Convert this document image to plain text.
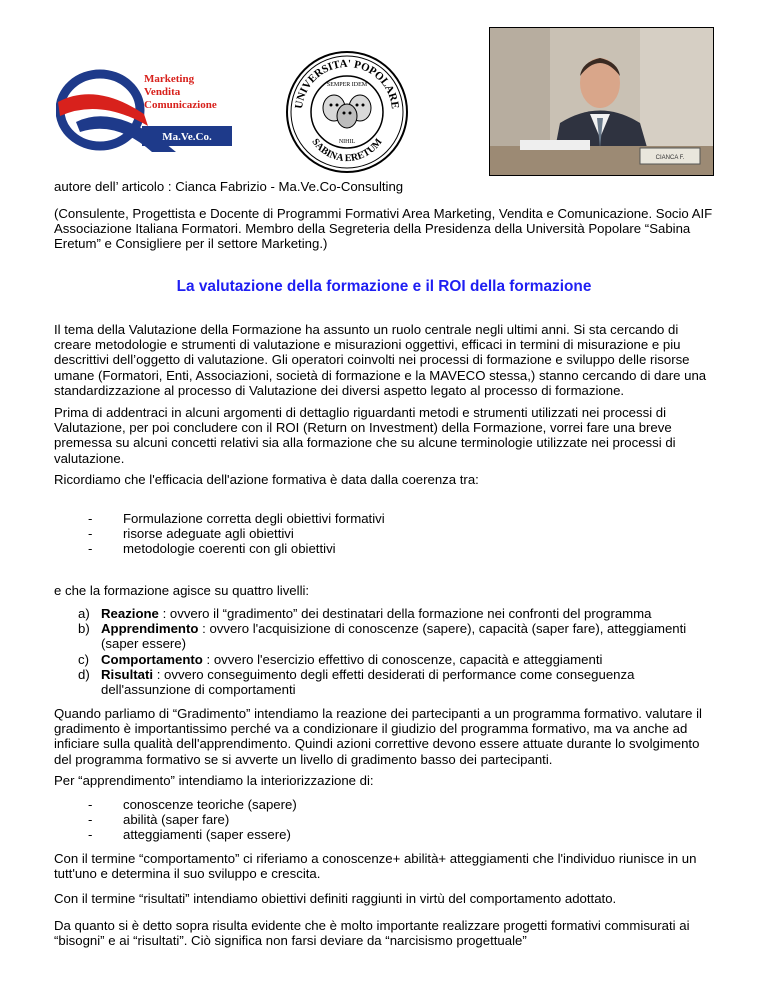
Marketing
Vendita
Comunicazione
Ma.Ve.Co.
UNIVERSITA' POPOLARE
SABINA ERETUM
SEMPER IDEM
NIHIL
CIANCA F.

autore dell’ articolo : Cianca Fabrizio - Ma.Ve.Co-Consulting

(Consulente, Progettista e Docente di Programmi Formativi Area Marketing, Vendita e Comunicazione. Socio AIF Associazione Italiana Formatori. Membro della Segreteria della Presidenza della Università Popolare “Sabina Eretum” e Consigliere per il settore Marketing.)

La valutazione della formazione e il ROI della formazione

Il tema della Valutazione della Formazione ha assunto un ruolo centrale negli ultimi anni. Si sta cercando di creare metodologie e strumenti di valutazione e misurazioni oggettivi, efficaci in termini di misurazione e piu descrittivi dell’oggetto di valutazione. Gli operatori coinvolti nei processi di formazione e sviluppo delle risorse umane (Formatori, Enti, Associazioni, società di formazione e la MAVECO stessa,) stanno cercando di dare una standardizzazione al processo di Valutazione dei diversi aspetto legato al processo di formazione.

Prima di addentraci in alcuni argomenti di dettaglio riguardanti metodi e strumenti utilizzati nei processi di Valutazione, per poi concludere con il ROI (Return on Investment) della Formazione, vorrei fare una breve premessa su alcuni concetti relativi sia alla formazione che su alcune terminologie utilizzate nei processi di valutazione.

Ricordiamo che l'efficacia dell'azione formativa è data dalla coerenza tra:

- Formulazione corretta degli obiettivi formativi
- risorse adeguate agli obiettivi
- metodologie coerenti con gli obiettivi

e che la formazione agisce su quattro livelli:

a) Reazione : ovvero il “gradimento” dei destinatari della formazione nei confronti del programma
b) Apprendimento : ovvero l'acquisizione di conoscenze (sapere), capacità (saper fare), atteggiamenti (saper essere)
c) Comportamento : ovvero l'esercizio effettivo di conoscenze, capacità e atteggiamenti
d) Risultati : ovvero conseguimento degli effetti desiderati di performance come conseguenza dell'assunzione di comportamenti

Quando parliamo di “Gradimento” intendiamo la reazione dei partecipanti a un programma formativo. valutare il gradimento è importantissimo perché va a condizionare il giudizio del programma formativo, ma va anche ad inficiare sulla qualità dell'apprendimento. Quindi azioni correttive devono essere attuate durante lo svolgimento del programma formativo se si avverte un livello di gradimento basso dei partecipanti.

Per “apprendimento” intendiamo la interiorizzazione di:

- conoscenze teoriche (sapere)
- abilità (saper fare)
- atteggiamenti (saper essere)

Con il termine “comportamento” ci riferiamo a conoscenze+ abilità+ atteggiamenti che l'individuo riunisce in un tutt'uno e determina il suo sviluppo e crescita.

Con il termine “risultati” intendiamo obiettivi definiti raggiunti in virtù del comportamento adottato.

Da quanto si è detto sopra risulta evidente che è molto importante realizzare progetti formativi commisurati ai “bisogni” e ai “risultati”. Ciò significa non farsi deviare da “narcisismo progettuale”
